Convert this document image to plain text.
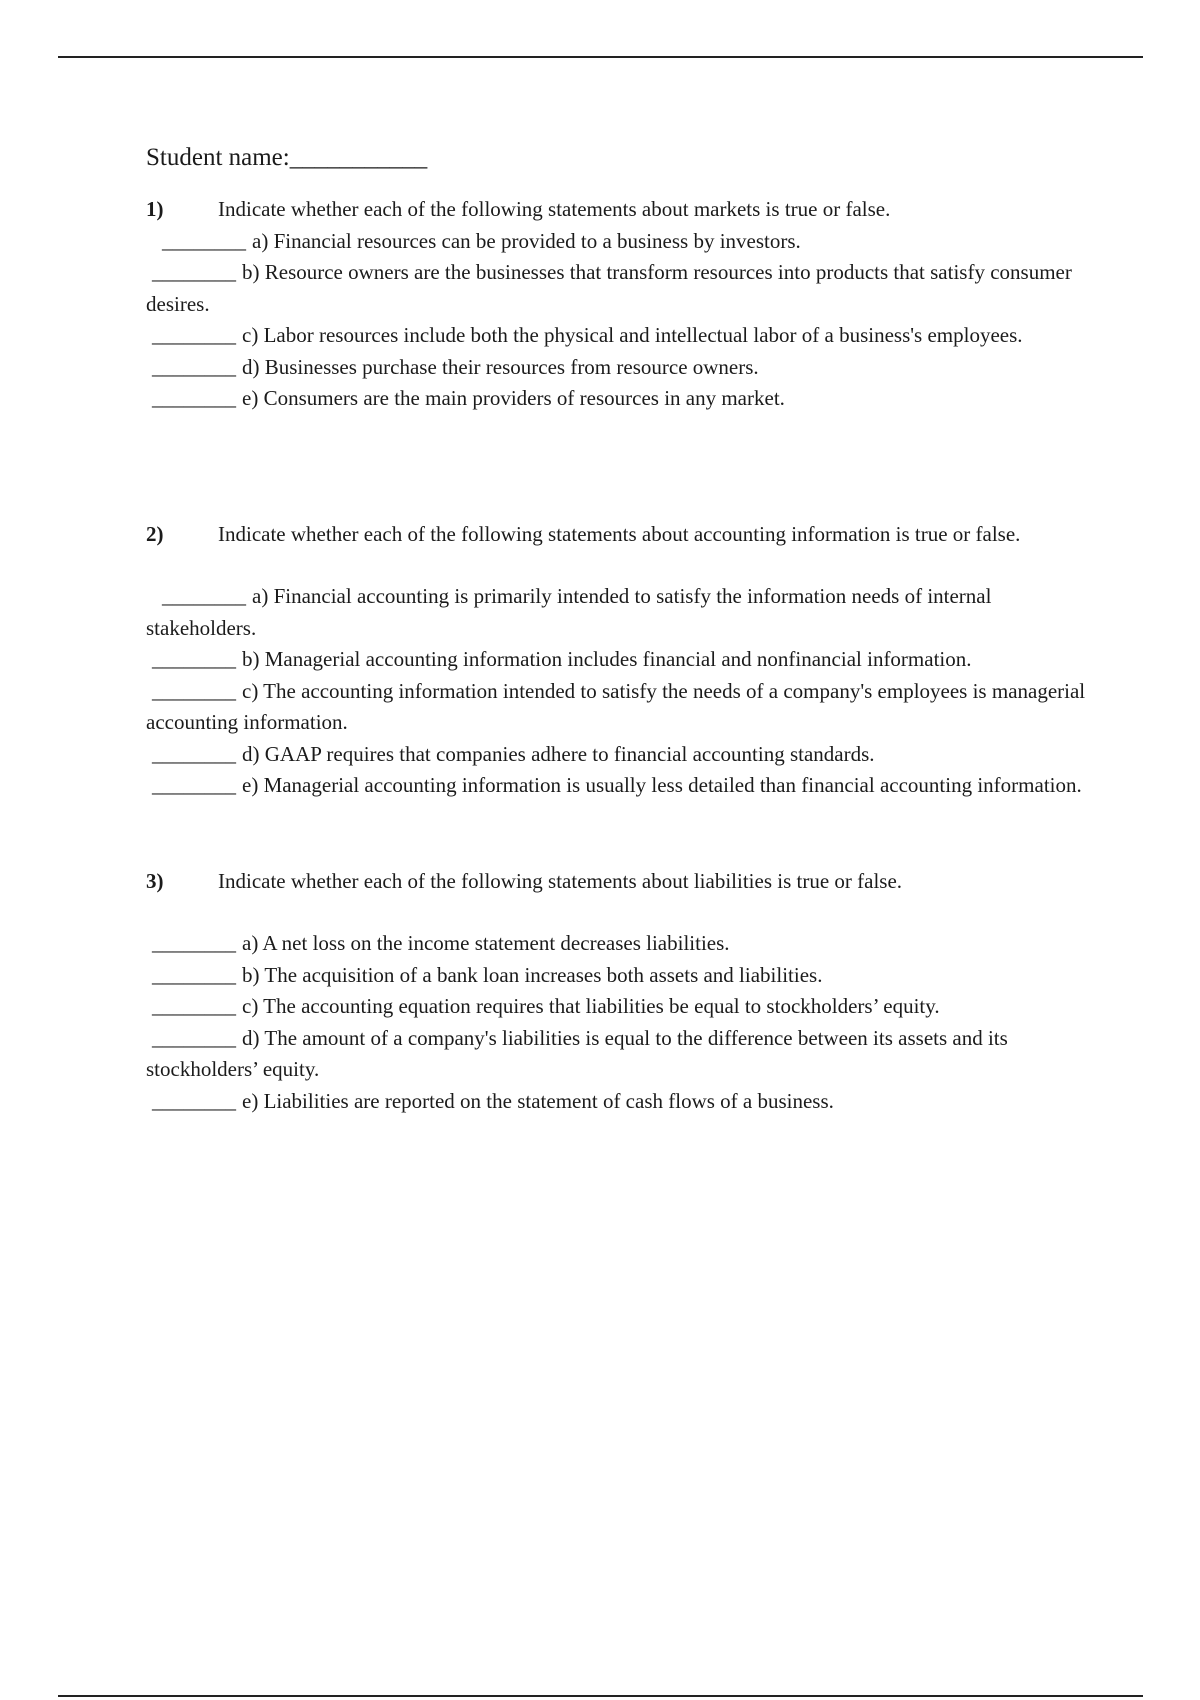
Student name:___________

1)	Indicate whether each of the following statements about markets is true or false.

________ a) Financial resources can be provided to a business by investors.
________ b) Resource owners are the businesses that transform resources into products that satisfy consumer desires.
________ c) Labor resources include both the physical and intellectual labor of a business's employees.
________ d) Businesses purchase their resources from resource owners.
________ e) Consumers are the main providers of resources in any market.

2)	Indicate whether each of the following statements about accounting information is true or false.

________ a) Financial accounting is primarily intended to satisfy the information needs of internal stakeholders.
________ b) Managerial accounting information includes financial and nonfinancial information.
________ c) The accounting information intended to satisfy the needs of a company's employees is managerial accounting information.
________ d) GAAP requires that companies adhere to financial accounting standards.
________ e) Managerial accounting information is usually less detailed than financial accounting information.

3)	Indicate whether each of the following statements about liabilities is true or false.

________ a) A net loss on the income statement decreases liabilities.
________ b) The acquisition of a bank loan increases both assets and liabilities.
________ c) The accounting equation requires that liabilities be equal to stockholders’ equity.
________ d) The amount of a company's liabilities is equal to the difference between its assets and its stockholders’ equity.
________ e) Liabilities are reported on the statement of cash flows of a business.
